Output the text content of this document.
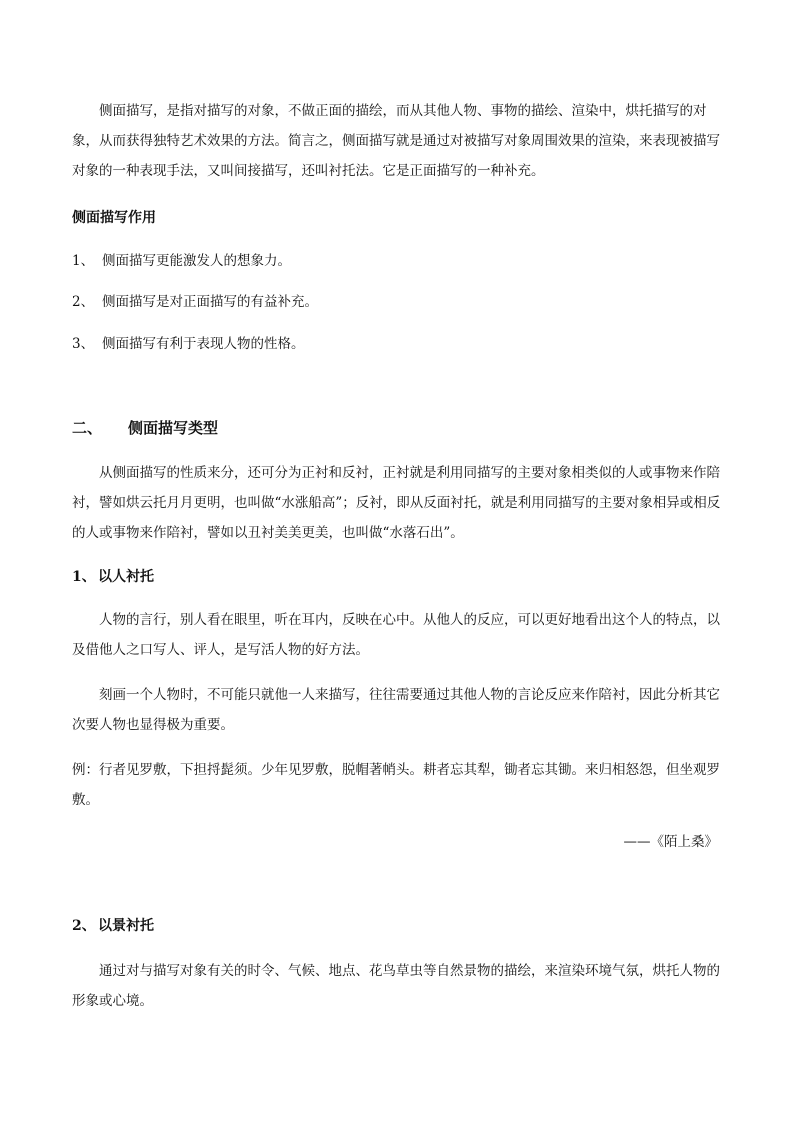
侧面描写，是指对描写的对象，不做正面的描绘，而从其他人物、事物的描绘、渲染中，烘托描写的对象，从而获得独特艺术效果的方法。简言之，侧面描写就是通过对被描写对象周围效果的渲染，来表现被描写对象的一种表现手法，又叫间接描写，还叫衬托法。它是正面描写的一种补充。

侧面描写作用

1、 侧面描写更能激发人的想象力。

2、 侧面描写是对正面描写的有益补充。

3、 侧面描写有利于表现人物的性格。

二、 侧面描写类型

从侧面描写的性质来分，还可分为正衬和反衬，正衬就是利用同描写的主要对象相类似的人或事物来作陪衬，譬如烘云托月月更明，也叫做“水涨船高”；反衬，即从反面衬托，就是利用同描写的主要对象相异或相反的人或事物来作陪衬，譬如以丑衬美美更美，也叫做“水落石出”。

1、 以人衬托

人物的言行，别人看在眼里，听在耳内，反映在心中。从他人的反应，可以更好地看出这个人的特点，以及借他人之口写人、评人，是写活人物的好方法。

刻画一个人物时，不可能只就他一人来描写，往往需要通过其他人物的言论反应来作陪衬，因此分析其它次要人物也显得极为重要。

例：行者见罗敷，下担捋髭须。少年见罗敷，脱帽著帩头。耕者忘其犁，锄者忘其锄。来归相怒怨，但坐观罗敷。

——《陌上桑》

2、 以景衬托

通过对与描写对象有关的时令、气候、地点、花鸟草虫等自然景物的描绘，来渲染环境气氛，烘托人物的形象或心境。
